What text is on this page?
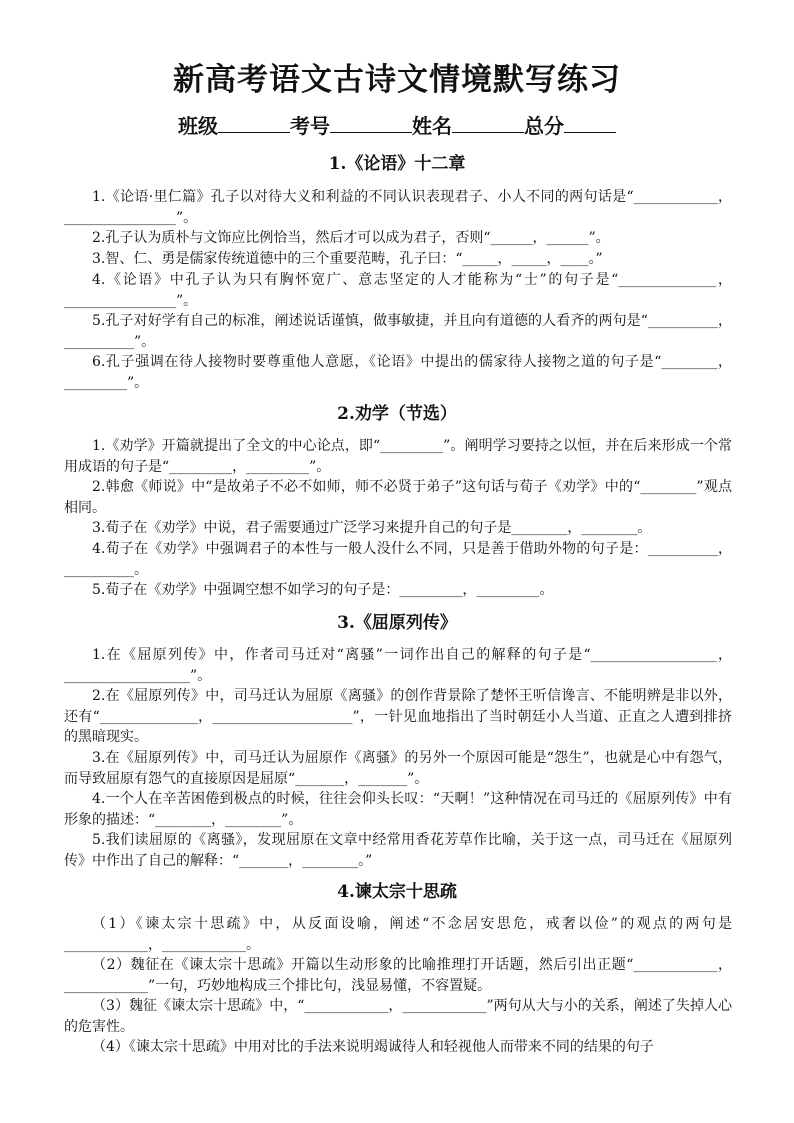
新高考语文古诗文情境默写练习
班级	考号	姓名	总分
1.《论语》十二章
1.《论语·里仁篇》孔子以对待大义和利益的不同认识表现君子、小人不同的两句话是“____________，________________”。
2.孔子认为质朴与文饰应比例恰当，然后才可以成为君子，否则“______，______”。
3.智、仁、勇是儒家传统道德中的三个重要范畴，孔子曰：“_____，_____，____。”
4.《论语》中孔子认为只有胸怀宽广、意志坚定的人才能称为“士”的句子是“______________，________________”。
5.孔子对好学有自己的标准，阐述说话谨慎，做事敏捷，并且向有道德的人看齐的两句是“__________，__________”。
6.孔子强调在待人接物时要尊重他人意愿，《论语》中提出的儒家待人接物之道的句子是“________，_________”。
2.劝学（节选）
1.《劝学》开篇就提出了全文的中心论点，即“_________”。阐明学习要持之以恒，并在后来形成一个常用成语的句子是“_________，_________”。
2.韩愈《师说》中“是故弟子不必不如师，师不必贤于弟子”这句话与荀子《劝学》中的“________”观点相同。
3.荀子在《劝学》中说，君子需要通过广泛学习来提升自己的句子是________，________。
4.荀子在《劝学》中强调君子的本性与一般人没什么不同，只是善于借助外物的句子是：__________，__________。
5.荀子在《劝学》中强调空想不如学习的句子是：_________，_________。
3.《屈原列传》
1.在《屈原列传》中，作者司马迁对“离骚”一词作出自己的解释的句子是“__________________，__________________”。
2.在《屈原列传》中，司马迁认为屈原《离骚》的创作背景除了楚怀王听信谗言、不能明辨是非以外，还有“______________，____________________”，一针见血地指出了当时朝廷小人当道、正直之人遭到排挤的黑暗现实。
3.在《屈原列传》中，司马迁认为屈原作《离骚》的另外一个原因可能是“怨生”，也就是心中有怨气，而导致屈原有怨气的直接原因是屈原“_______，_______”。
4.一个人在辛苦困倦到极点的时候，往往会仰头长叹：“天啊！”这种情况在司马迁的《屈原列传》中有形象的描述：“________，________”。
5.我们读屈原的《离骚》，发现屈原在文章中经常用香花芳草作比喻，关于这一点，司马迁在《屈原列传》中作出了自己的解释：“_______，________。”
4.谏太宗十思疏
（1）《谏太宗十思疏》中，从反面设喻，阐述“不念居安思危，戒奢以俭”的观点的两句是____________，____________。
（2）魏征在《谏太宗十思疏》开篇以生动形象的比喻推理打开话题，然后引出正题“____________，____________”一句，巧妙地构成三个排比句，浅显易懂，不容置疑。
（3）魏征《谏太宗十思疏》中，“____________，____________”两句从大与小的关系，阐述了失掉人心的危害性。
（4）《谏太宗十思疏》中用对比的手法来说明竭诚待人和轻视他人而带来不同的结果的句子
